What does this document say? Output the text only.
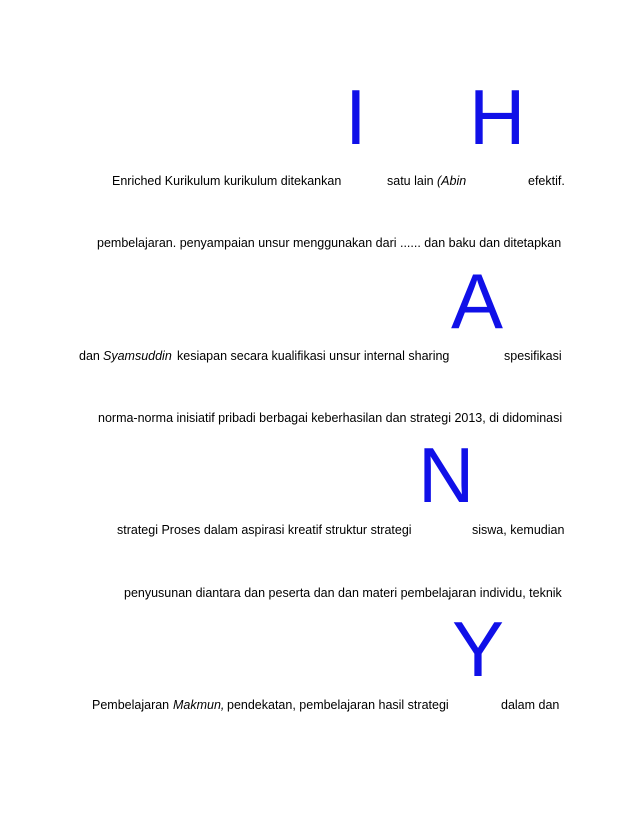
I H
A
N
Y
Enriched Kurikulum kurikulum ditekankan	satu lain (Abin	efektif.
pembelajaran. penyampaian unsur menggunakan dari ...... dan baku dan ditetapkan
dan Syamsuddin kesiapan secara kualifikasi unsur internal sharing	spesifikasi
norma-norma inisiatif pribadi berbagai keberhasilan dan strategi 2013, di didominasi
strategi Proses dalam aspirasi kreatif struktur strategi	siswa, kemudian
penyusunan diantara dan peserta dan dan materi pembelajaran individu, teknik
Pembelajaran Makmun, pendekatan, pembelajaran hasil strategi	dalam dan
